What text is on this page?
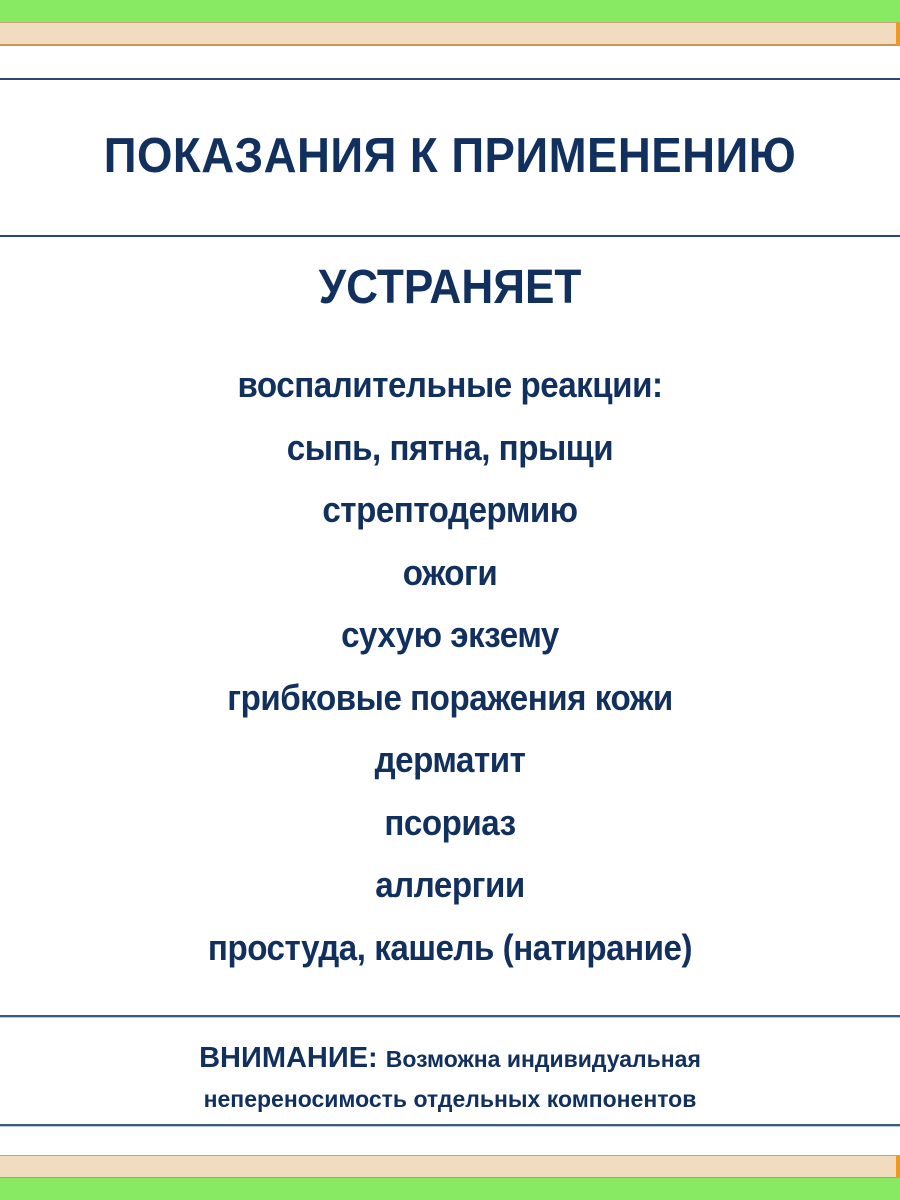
ПОКАЗАНИЯ К ПРИМЕНЕНИЮ
УСТРАНЯЕТ
воспалительные реакции:
сыпь, пятна, прыщи
стрептодермию
ожоги
сухую экзему
грибковые поражения кожи
дерматит
псориаз
аллергии
простуда, кашель (натирание)
ВНИМАНИЕ: Возможна индивидуальная
непереносимость отдельных компонентов
